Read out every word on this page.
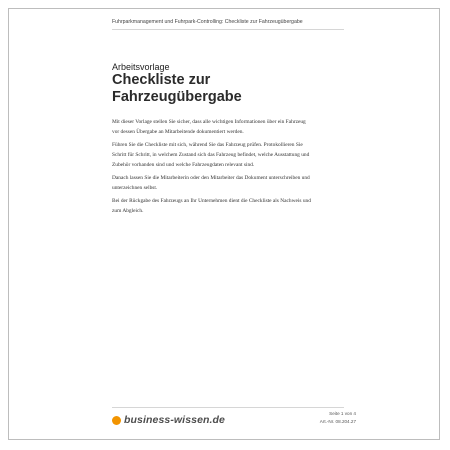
Fuhrparkmanagement und Fuhrpark-Controlling: Checkliste zur Fahrzeugübergabe
Arbeitsvorlage
Checkliste zur Fahrzeugübergabe

Mit dieser Vorlage stellen Sie sicher, dass alle wichtigen Informationen über ein Fahrzeug vor dessen Übergabe an Mitarbeitende dokumentiert werden.

Führen Sie die Checkliste mit sich, während Sie das Fahrzeug prüfen. Protokollieren Sie Schritt für Schritt, in welchem Zustand sich das Fahrzeug befindet, welche Ausstattung und Zubehör vorhanden sind und welche Fahrzeugdaten relevant sind.

Danach lassen Sie die Mitarbeiterin oder den Mitarbeiter das Dokument unterschreiben und unterzeichnen selbst.

Bei der Rückgabe des Fahrzeugs an Ihr Unternehmen dient die Checkliste als Nachweis und zum Abgleich.

business-wissen.de
Seite 1 von 4
Art.-Nr. 08.204.27
